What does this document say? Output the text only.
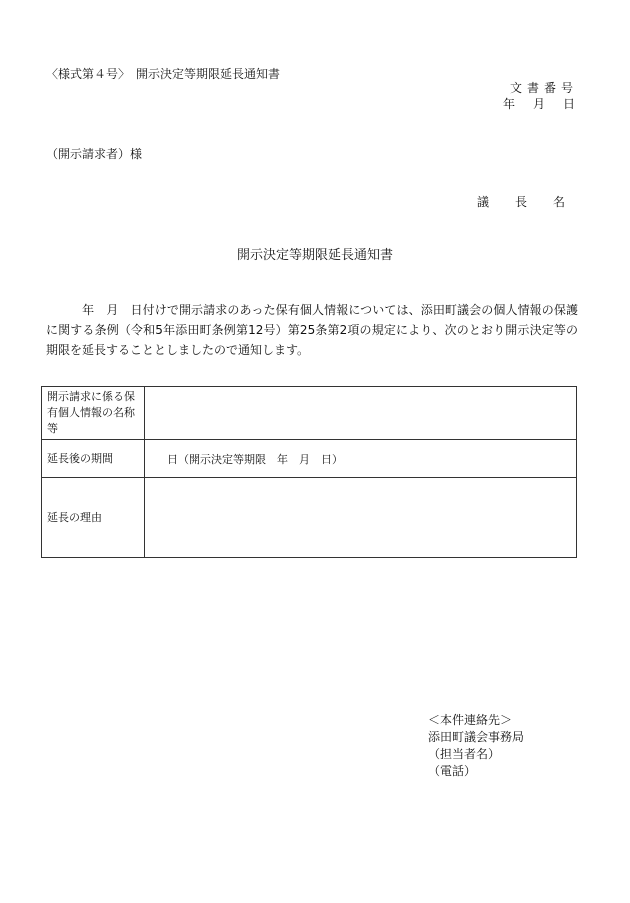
〈様式第４号〉　開示決定等期限延長通知書
文書番号
年　月　日
（開示請求者）様
議　長　名
開示決定等期限延長通知書
年　月　日付けで開示請求のあった保有個人情報については、添田町議会の個人情報の保護に関する条例（令和5年添田町条例第12号）第25条第2項の規定により、次のとおり開示決定等の期限を延長することとしましたので通知します。
開示請求に係る保有個人情報の名称等	
延長後の期間	日（開示決定等期限　年　月　日）
延長の理由	
＜本件連絡先＞
添田町議会事務局
（担当者名）
（電話）
